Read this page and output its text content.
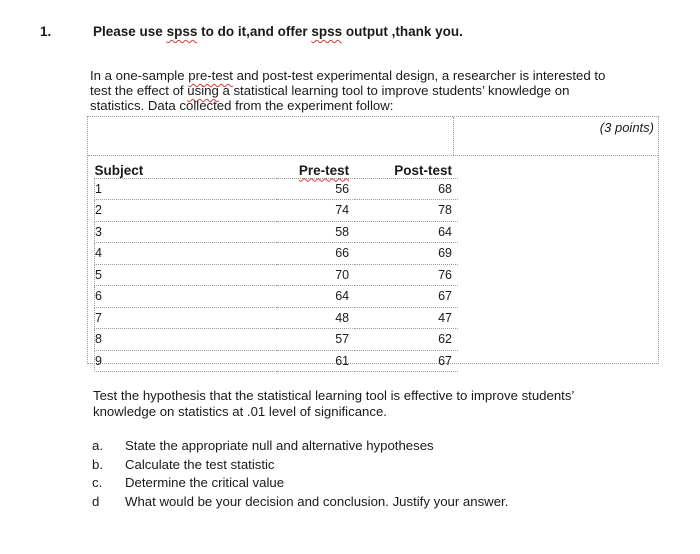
1.	Please use spss to do it,and offer spss output ,thank you.
In a one-sample pre-test and post-test experimental design, a researcher is interested to
test the effect of using a statistical learning tool to improve students’ knowledge on
statistics. Data collected from the experiment follow:
(3 points)
Subject	Pre-test	Post-test
1	56	68
2	74	78
3	58	64
4	66	69
5	70	76
6	64	67
7	48	47
8	57	62
9	61	67
Test the hypothesis that the statistical learning tool is effective to improve students’ knowledge on statistics at .01 level of significance.
a.	State the appropriate null and alternative hypotheses
b.	Calculate the test statistic
c.	Determine the critical value
d	What would be your decision and conclusion. Justify your answer.
